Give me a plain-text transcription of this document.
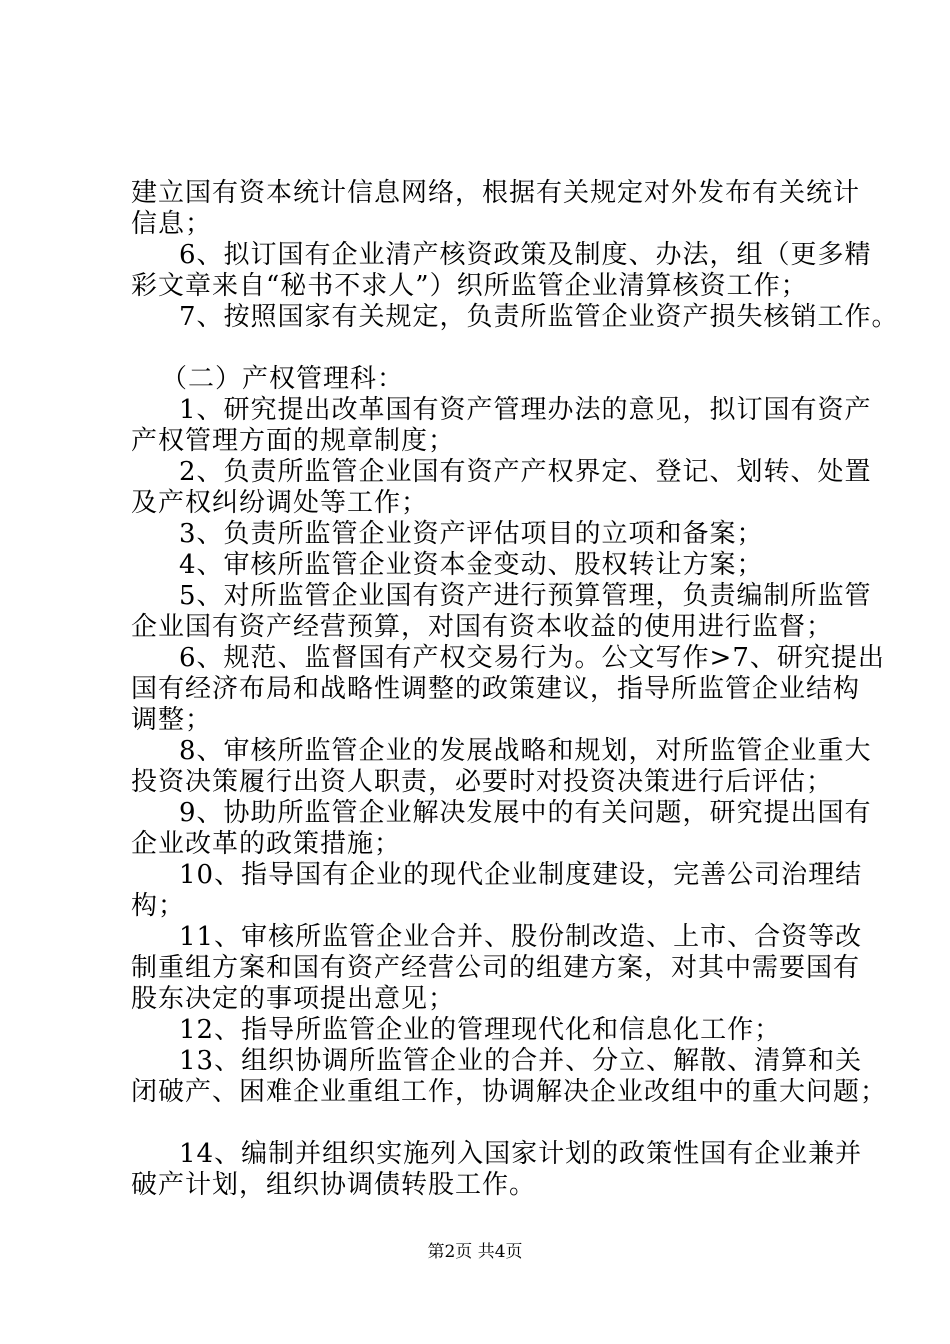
建立国有资本统计信息网络，根据有关规定对外发布有关统计
信息；
6、拟订国有企业清产核资政策及制度、办法，组（更多精
彩文章来自“秘书不求人”）织所监管企业清算核资工作；
7、按照国家有关规定，负责所监管企业资产损失核销工作。
（二）产权管理科：
1、研究提出改革国有资产管理办法的意见，拟订国有资产
产权管理方面的规章制度；
2、负责所监管企业国有资产产权界定、登记、划转、处置
及产权纠纷调处等工作；
3、负责所监管企业资产评估项目的立项和备案；
4、审核所监管企业资本金变动、股权转让方案；
5、对所监管企业国有资产进行预算管理，负责编制所监管
企业国有资产经营预算，对国有资本收益的使用进行监督；
6、规范、监督国有产权交易行为。公文写作>7、研究提出
国有经济布局和战略性调整的政策建议，指导所监管企业结构
调整；
8、审核所监管企业的发展战略和规划，对所监管企业重大
投资决策履行出资人职责，必要时对投资决策进行后评估；
9、协助所监管企业解决发展中的有关问题，研究提出国有
企业改革的政策措施；
10、指导国有企业的现代企业制度建设，完善公司治理结
构；
11、审核所监管企业合并、股份制改造、上市、合资等改
制重组方案和国有资产经营公司的组建方案，对其中需要国有
股东决定的事项提出意见；
12、指导所监管企业的管理现代化和信息化工作；
13、组织协调所监管企业的合并、分立、解散、清算和关
闭破产、困难企业重组工作，协调解决企业改组中的重大问题；
14、编制并组织实施列入国家计划的政策性国有企业兼并
破产计划，组织协调债转股工作。
第2页 共4页
